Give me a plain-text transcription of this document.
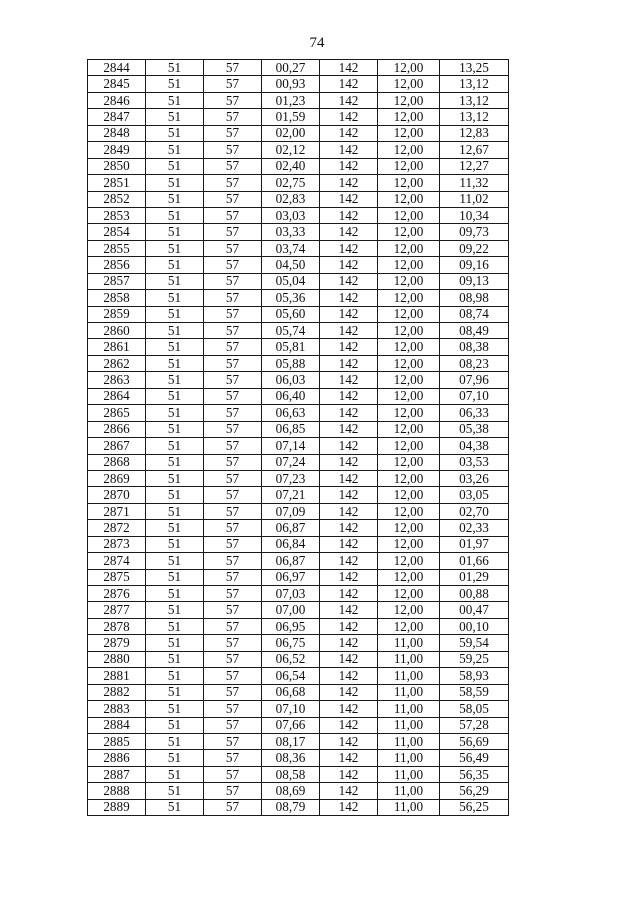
74
2844	51	57	00,27	142	12,00	13,25
2845	51	57	00,93	142	12,00	13,12
2846	51	57	01,23	142	12,00	13,12
2847	51	57	01,59	142	12,00	13,12
2848	51	57	02,00	142	12,00	12,83
2849	51	57	02,12	142	12,00	12,67
2850	51	57	02,40	142	12,00	12,27
2851	51	57	02,75	142	12,00	11,32
2852	51	57	02,83	142	12,00	11,02
2853	51	57	03,03	142	12,00	10,34
2854	51	57	03,33	142	12,00	09,73
2855	51	57	03,74	142	12,00	09,22
2856	51	57	04,50	142	12,00	09,16
2857	51	57	05,04	142	12,00	09,13
2858	51	57	05,36	142	12,00	08,98
2859	51	57	05,60	142	12,00	08,74
2860	51	57	05,74	142	12,00	08,49
2861	51	57	05,81	142	12,00	08,38
2862	51	57	05,88	142	12,00	08,23
2863	51	57	06,03	142	12,00	07,96
2864	51	57	06,40	142	12,00	07,10
2865	51	57	06,63	142	12,00	06,33
2866	51	57	06,85	142	12,00	05,38
2867	51	57	07,14	142	12,00	04,38
2868	51	57	07,24	142	12,00	03,53
2869	51	57	07,23	142	12,00	03,26
2870	51	57	07,21	142	12,00	03,05
2871	51	57	07,09	142	12,00	02,70
2872	51	57	06,87	142	12,00	02,33
2873	51	57	06,84	142	12,00	01,97
2874	51	57	06,87	142	12,00	01,66
2875	51	57	06,97	142	12,00	01,29
2876	51	57	07,03	142	12,00	00,88
2877	51	57	07,00	142	12,00	00,47
2878	51	57	06,95	142	12,00	00,10
2879	51	57	06,75	142	11,00	59,54
2880	51	57	06,52	142	11,00	59,25
2881	51	57	06,54	142	11,00	58,93
2882	51	57	06,68	142	11,00	58,59
2883	51	57	07,10	142	11,00	58,05
2884	51	57	07,66	142	11,00	57,28
2885	51	57	08,17	142	11,00	56,69
2886	51	57	08,36	142	11,00	56,49
2887	51	57	08,58	142	11,00	56,35
2888	51	57	08,69	142	11,00	56,29
2889	51	57	08,79	142	11,00	56,25
